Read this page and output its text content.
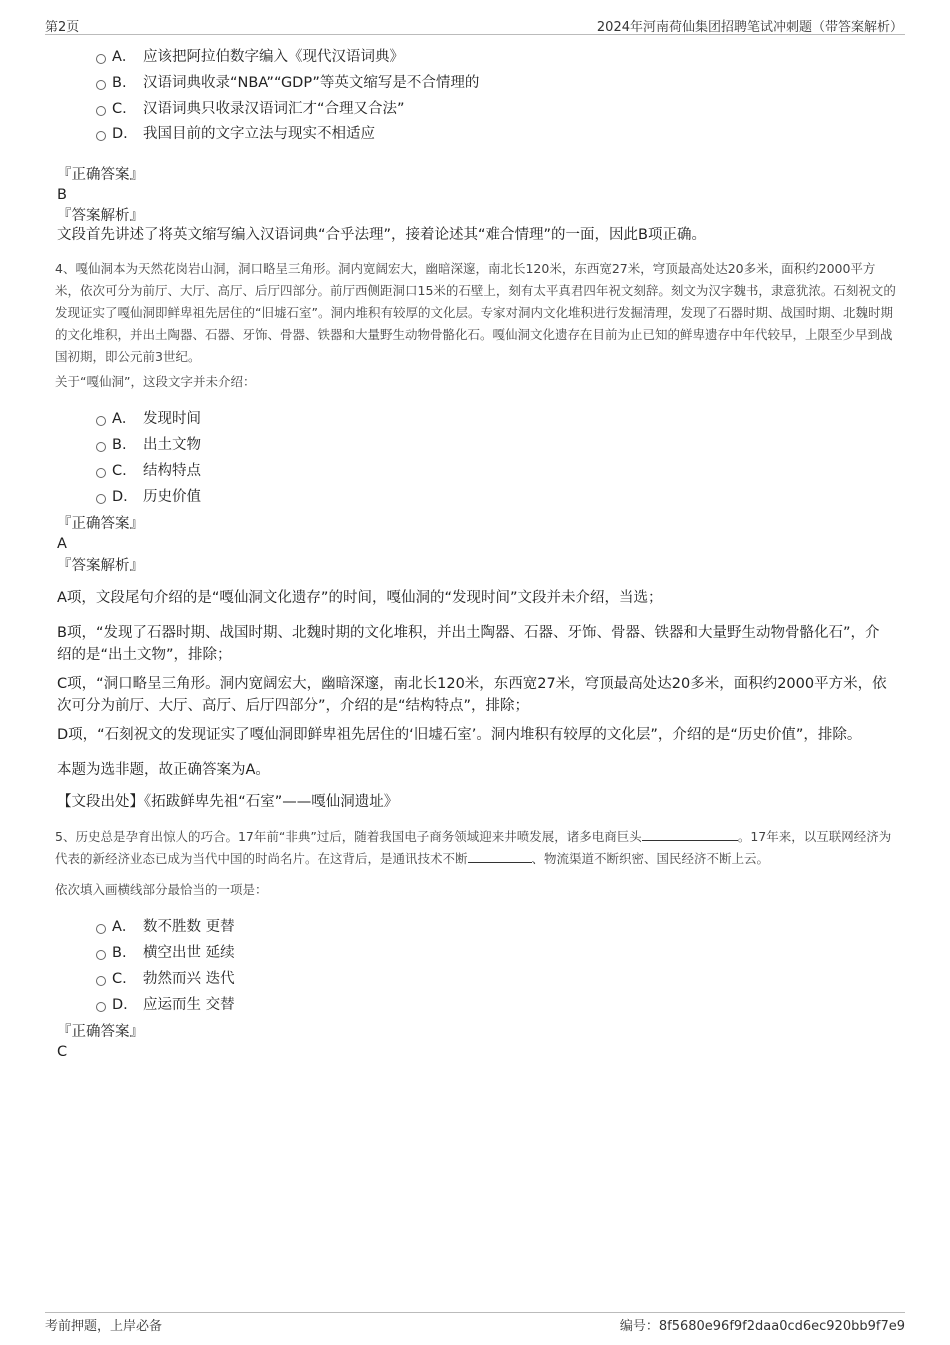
第2页	2024年河南荷仙集团招聘笔试冲刺题（带答案解析）
A． 应该把阿拉伯数字编入《现代汉语词典》
B. 汉语词典收录“NBA”“GDP”等英文缩写是不合情理的
C. 汉语词典只收录汉语词汇才“合理又合法”
D. 我国目前的文字立法与现实不相适应
『正确答案』
B
『答案解析』
文段首先讲述了将英文缩写编入汉语词典“合乎法理”，接着论述其“难合情理”的一面，因此B项正确。
4、嘎仙洞本为天然花岗岩山洞，洞口略呈三角形。洞内宽阔宏大，幽暗深邃，南北长120米，东西宽27米，穹顶最高处达20多米，面积约2000平方米，依次可分为前厅、大厅、高厅、后厅四部分。前厅西侧距洞口15米的石壁上，刻有太平真君四年祝文刻辞。刻文为汉字魏书，隶意犹浓。石刻祝文的发现证实了嘎仙洞即鲜卑祖先居住的“旧墟石室”。洞内堆积有较厚的文化层。专家对洞内文化堆积进行发掘清理，发现了石器时期、战国时期、北魏时期的文化堆积，并出土陶器、石器、牙饰、骨器、铁器和大量野生动物骨骼化石。嘎仙洞文化遗存在目前为止已知的鲜卑遗存中年代较早，上限至少早到战国初期，即公元前3世纪。
关于“嘎仙洞”，这段文字并未介绍：
A． 发现时间
B. 出土文物
C. 结构特点
D. 历史价值
『正确答案』
A
『答案解析』
A项，文段尾句介绍的是“嘎仙洞文化遗存”的时间，嘎仙洞的“发现时间”文段并未介绍，当选；
B项，“发现了石器时期、战国时期、北魏时期的文化堆积，并出土陶器、石器、牙饰、骨器、铁器和大量野生动物骨骼化石”，介绍的是“出土文物”，排除；
C项，“洞口略呈三角形。洞内宽阔宏大，幽暗深邃，南北长120米，东西宽27米，穹顶最高处达20多米，面积约2000平方米，依次可分为前厅、大厅、高厅、后厅四部分”，介绍的是“结构特点”，排除；
D项，“石刻祝文的发现证实了嘎仙洞即鲜卑祖先居住的‘旧墟石室’。洞内堆积有较厚的文化层”，介绍的是“历史价值”，排除。
本题为选非题，故正确答案为A。
【文段出处】《拓跋鲜卑先祖“石室”——嘎仙洞遗址》
5、历史总是孕育出惊人的巧合。17年前“非典”过后，随着我国电子商务领域迎来井喷发展，诸多电商巨头	。17年来，以互联网经济为代表的新经济业态已成为当代中国的时尚名片。在这背后，是通讯技术不断	、物流渠道不断织密、国民经济不断上云。
依次填入画横线部分最恰当的一项是：
A． 数不胜数 更替
B. 横空出世 延续
C. 勃然而兴 迭代
D. 应运而生 交替
『正确答案』
C
考前押题，上岸必备	编号：8f5680e96f9f2daa0cd6ec920bb9f7e9
